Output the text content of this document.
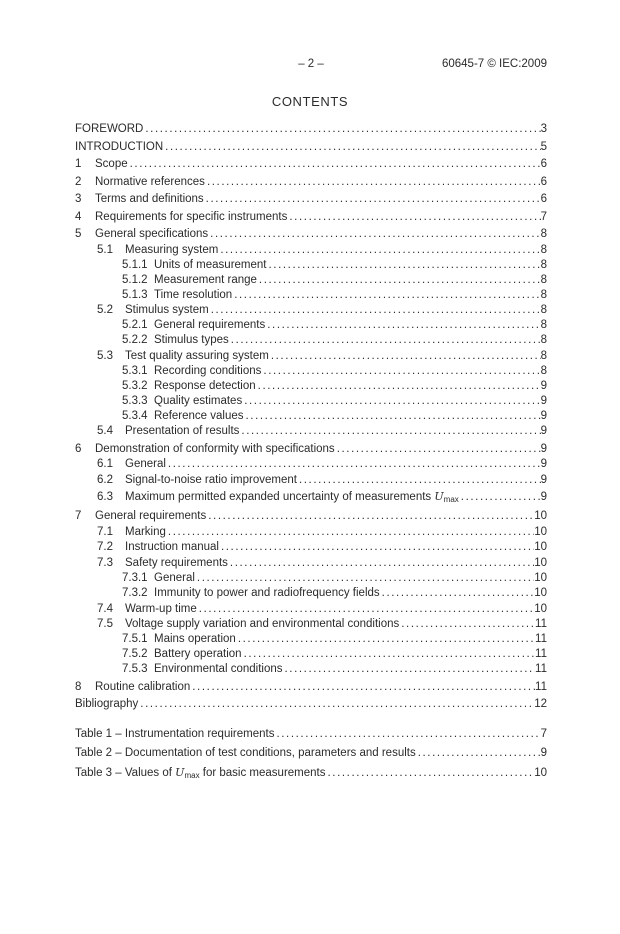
– 2 –	60645-7 © IEC:2009
CONTENTS
FOREWORD .....	3
INTRODUCTION .....	5
1	Scope .....	6
2	Normative references .....	6
3	Terms and definitions .....	6
4	Requirements for specific instruments .....	7
5	General specifications .....	8
5.1	Measuring system .....	8
5.1.1 Units of measurement .....	8
5.1.2 Measurement range .....	8
5.1.3 Time resolution .....	8
5.2	Stimulus system .....	8
5.2.1 General requirements .....	8
5.2.2 Stimulus types .....	8
5.3	Test quality assuring system .....	8
5.3.1 Recording conditions .....	8
5.3.2 Response detection .....	9
5.3.3 Quality estimates .....	9
5.3.4 Reference values .....	9
5.4	Presentation of results .....	9
6	Demonstration of conformity with specifications .....	9
6.1	General .....	9
6.2	Signal-to-noise ratio improvement .....	9
6.3	Maximum permitted expanded uncertainty of measurements $U_{max}$ .....	9
7	General requirements .....	10
7.1	Marking .....	10
7.2	Instruction manual .....	10
7.3	Safety requirements .....	10
7.3.1 General .....	10
7.3.2 Immunity to power and radiofrequency fields .....	10
7.4	Warm-up time .....	10
7.5	Voltage supply variation and environmental conditions .....	11
7.5.1 Mains operation .....	11
7.5.2 Battery operation .....	11
7.5.3 Environmental conditions .....	11
8	Routine calibration .....	11
Bibliography .....	12
Table 1 – Instrumentation requirements .....	7
Table 2 – Documentation of test conditions, parameters and results .....	9
Table 3 – Values of $U_{max}$ for basic measurements .....	10
